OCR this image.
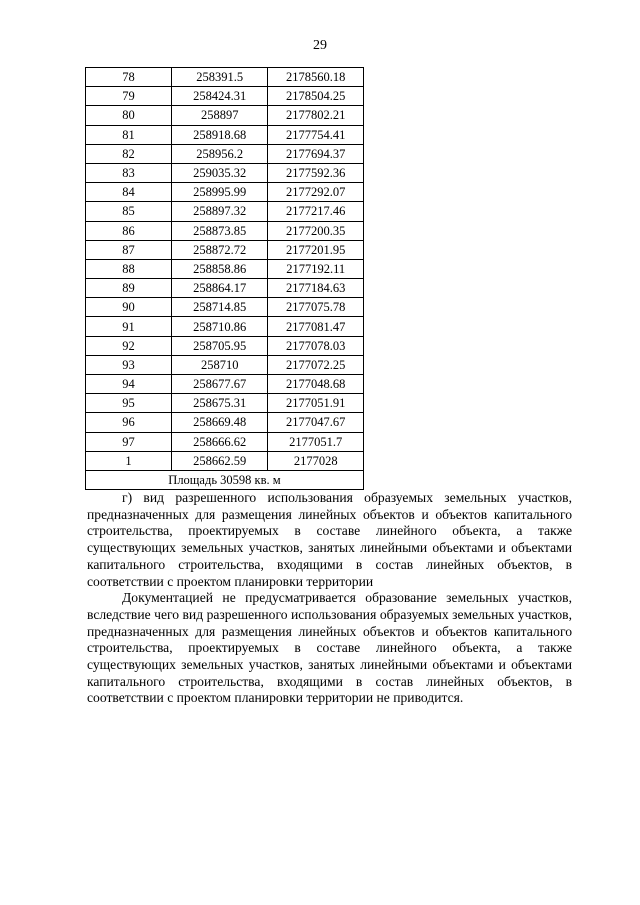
29
78	258391.5	2178560.18
79	258424.31	2178504.25
80	258897	2177802.21
81	258918.68	2177754.41
82	258956.2	2177694.37
83	259035.32	2177592.36
84	258995.99	2177292.07
85	258897.32	2177217.46
86	258873.85	2177200.35
87	258872.72	2177201.95
88	258858.86	2177192.11
89	258864.17	2177184.63
90	258714.85	2177075.78
91	258710.86	2177081.47
92	258705.95	2177078.03
93	258710	2177072.25
94	258677.67	2177048.68
95	258675.31	2177051.91
96	258669.48	2177047.67
97	258666.62	2177051.7
1	258662.59	2177028
Площадь 30598 кв. м		

г) вид разрешенного использования образуемых земельных участков, предназначенных для размещения линейных объектов и объектов капитального строительства, проектируемых в составе линейного объекта, а также существующих земельных участков, занятых линейными объектами и объектами капитального строительства, входящими в состав линейных объектов, в соответствии с проектом планировки территории

Документацией не предусматривается образование земельных участков, вследствие чего вид разрешенного использования образуемых земельных участков, предназначенных для размещения линейных объектов и объектов капитального строительства, проектируемых в составе линейного объекта, а также существующих земельных участков, занятых линейными объектами и объектами капитального строительства, входящими в состав линейных объектов, в соответствии с проектом планировки территории не приводится.
